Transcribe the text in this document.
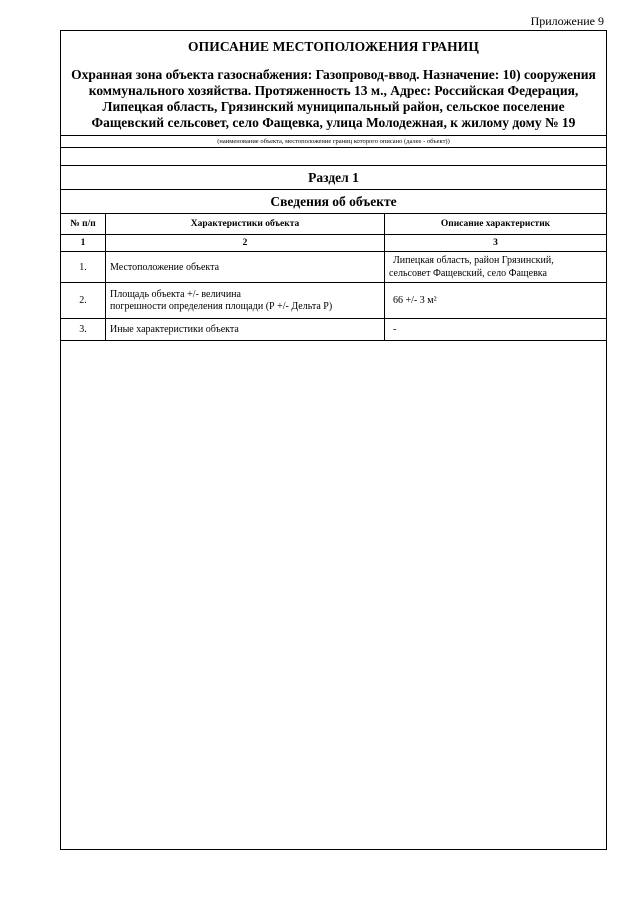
Приложение 9
ОПИСАНИЕ МЕСТОПОЛОЖЕНИЯ ГРАНИЦ
Охранная зона объекта газоснабжения: Газопровод-ввод. Назначение: 10) сооружения коммунального хозяйства. Протяженность 13 м., Адрес: Российская Федерация, Липецкая область, Грязинский муниципальный район, сельское поселение Фащевский сельсовет, село Фащевка, улица Молодежная, к жилому дому № 19
(наименование объекта, местоположение границ которого описано (далее - объект))
Раздел 1
Сведения об объекте
№ п/п	Характеристики объекта	Описание характеристик
1	2	3
1.	Местоположение объекта	Липецкая область, район Грязинский,
сельсовет Фащевский, село Фащевка

2.	Площадь объекта +/- величина
погрешности определения площади (Р +/- Дельта Р)	66 +/- 3 м²
3.	Иные характеристики объекта	-
